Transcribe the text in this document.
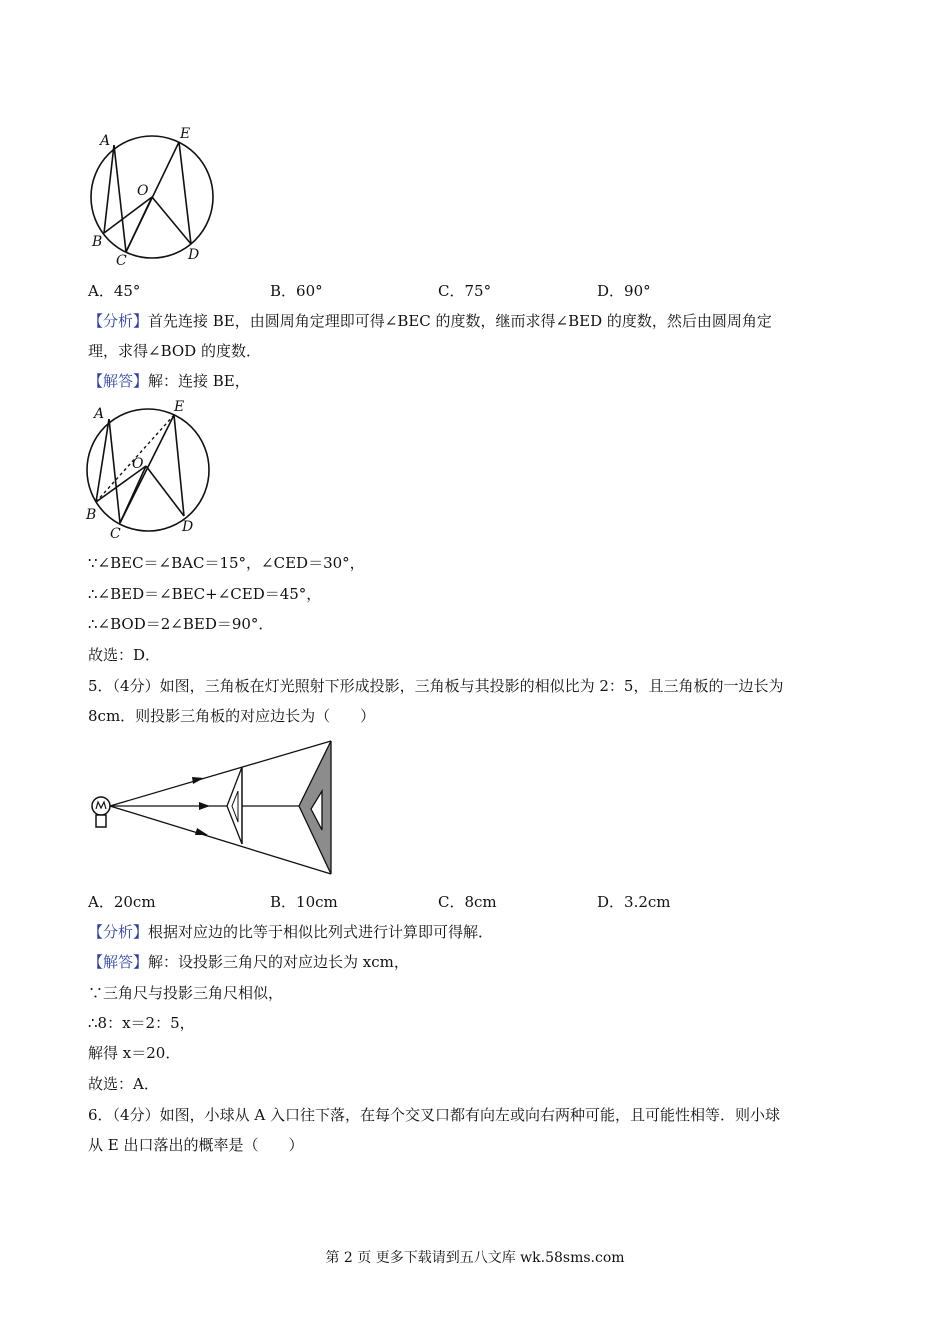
A	E
O
B
C	D
A．45°	B．60°	C．75°	D．90°
【分析】首先连接 BE，由圆周角定理即可得∠BEC 的度数，继而求得∠BED 的度数，然后由圆周角定
理，求得∠BOD 的度数．
【解答】解：连接 BE，
A	E
O
B
C	D
∵∠BEC＝∠BAC＝15°，∠CED＝30°，
∴∠BED＝∠BEC+∠CED＝45°，
∴∠BOD＝2∠BED＝90°．
故选：D．
5．（4分）如图，三角板在灯光照射下形成投影，三角板与其投影的相似比为 2：5，且三角板的一边长为
8cm．则投影三角板的对应边长为（　　）
A．20cm	B．10cm	C．8cm	D．3.2cm
【分析】根据对应边的比等于相似比列式进行计算即可得解．
【解答】解：设投影三角尺的对应边长为 xcm，
∵三角尺与投影三角尺相似，
∴8：x＝2：5，
解得 x＝20．
故选：A．
6．（4分）如图，小球从 A 入口往下落，在每个交叉口都有向左或向右两种可能，且可能性相等．则小球
从 E 出口落出的概率是（　　）
第 2 页 更多下载请到五八文库 wk.58sms.com
